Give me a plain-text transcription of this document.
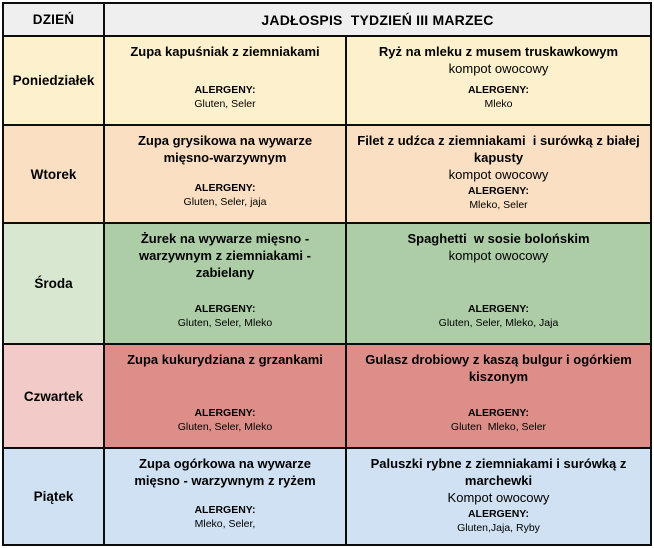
DZIEŃ	JADŁOSPIS  TYDZIEŃ III MARZEC
Poniedziałek
Zupa kapuśniak z ziemniakami
ALERGENY:
Gluten, Seler
Ryż na mleku z musem truskawkowym
kompot owocowy
ALERGENY:
Mleko
Wtorek
Zupa grysikowa na wywarze mięsno-warzywnym
ALERGENY:
Gluten, Seler, jaja
Filet z udźca z ziemniakami  i surówką z białej kapusty
kompot owocowy
ALERGENY:
Mleko, Seler
Środa
Żurek na wywarze mięsno - warzywnym z ziemniakami - zabielany
ALERGENY:
Gluten, Seler, Mleko
Spaghetti  w sosie bolońskim
kompot owocowy
ALERGENY:
Gluten, Seler, Mleko, Jaja
Czwartek
Zupa kukurydziana z grzankami
ALERGENY:
Gluten, Seler, Mleko
Gulasz drobiowy z kaszą bulgur i ogórkiem kiszonym
ALERGENY:
Gluten  Mleko, Seler
Piątek
Zupa ogórkowa na wywarze mięsno - warzywnym z ryżem
ALERGENY:
Mleko, Seler,
Paluszki rybne z ziemniakami i surówką z marchewki
Kompot owocowy
ALERGENY:
Gluten,Jaja, Ryby
